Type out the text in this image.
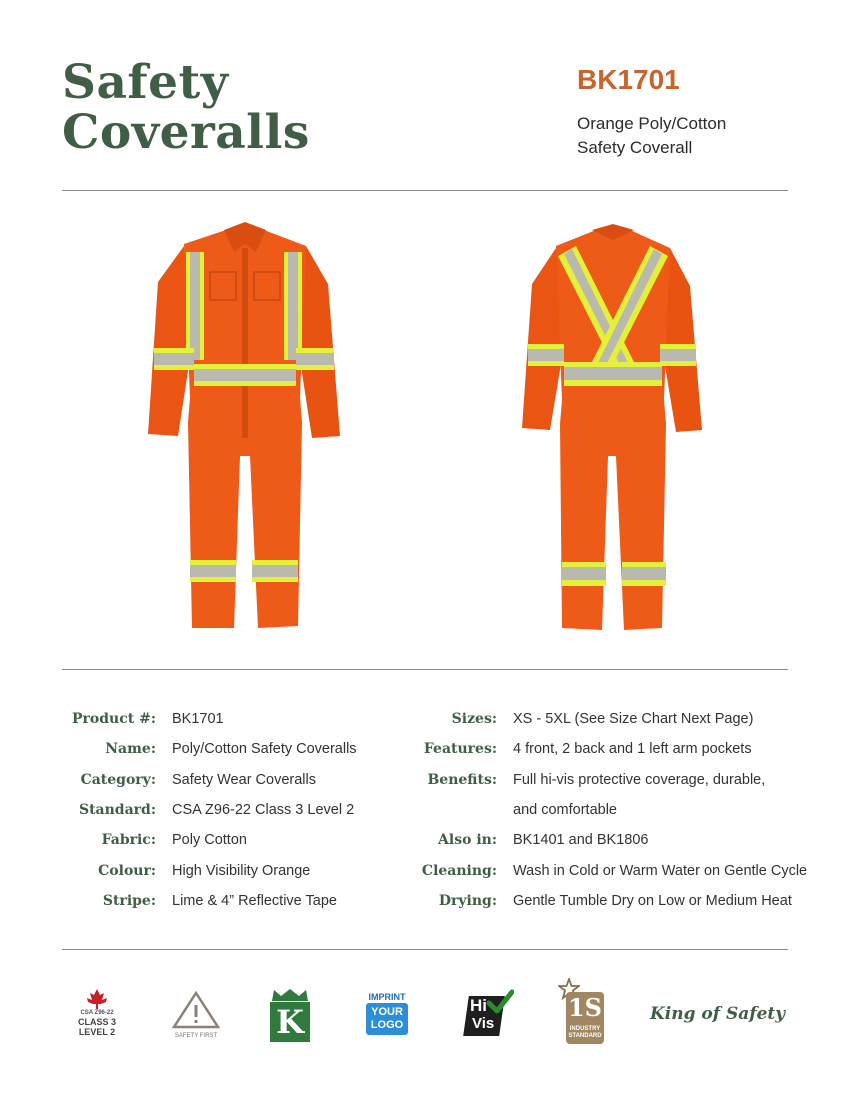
Safety
Coveralls
BK1701
Orange Poly/Cotton
Safety Coverall
Product #:	BK1701
Name:	Poly/Cotton Safety Coveralls
Category:	Safety Wear Coveralls
Standard:	CSA Z96-22 Class 3 Level 2
Fabric:	Poly Cotton
Colour:	High Visibility Orange
Stripe:	Lime & 4” Reflective Tape
Sizes:	XS - 5XL (See Size Chart Next Page)
Features:	4 front, 2 back and 1 left arm pockets
Benefits:	Full hi-vis protective coverage, durable,
and comfortable
Also in:	BK1401 and BK1806
Cleaning:	Wash in Cold or Warm Water on Gentle Cycle
Drying:	Gentle Tumble Dry on Low or Medium Heat
CSA Z96-22
CLASS 3
LEVEL 2	SAFETY FIRST K
IMPRINT
YOUR
LOGO
Hi
Vis
1S
INDUSTRY
STANDARD
King of Safety
